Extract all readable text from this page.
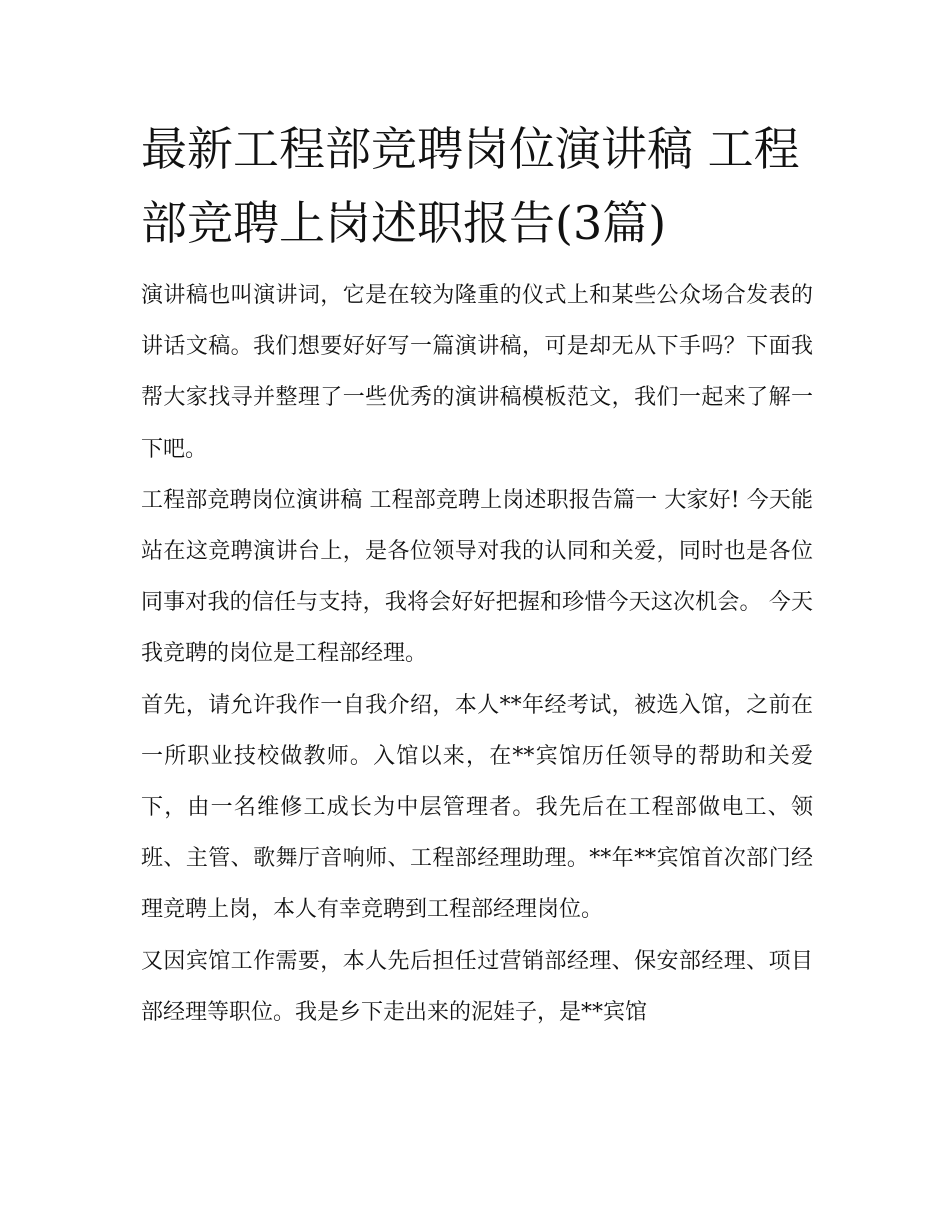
最新工程部竞聘岗位演讲稿 工程部竞聘上岗述职报告(3篇)

演讲稿也叫演讲词，它是在较为隆重的仪式上和某些公众场合发表的讲话文稿。我们想要好好写一篇演讲稿，可是却无从下手吗？下面我帮大家找寻并整理了一些优秀的演讲稿模板范文，我们一起来了解一下吧。

工程部竞聘岗位演讲稿 工程部竞聘上岗述职报告篇一 大家好! 今天能站在这竞聘演讲台上，是各位领导对我的认同和关爱，同时也是各位同事对我的信任与支持，我将会好好把握和珍惜今天这次机会。 今天我竞聘的岗位是工程部经理。

首先，请允许我作一自我介绍，本人**年经考试，被选入馆，之前在一所职业技校做教师。入馆以来，在**宾馆历任领导的帮助和关爱下，由一名维修工成长为中层管理者。我先后在工程部做电工、领班、主管、歌舞厅音响师、工程部经理助理。**年**宾馆首次部门经理竞聘上岗，本人有幸竞聘到工程部经理岗位。

又因宾馆工作需要，本人先后担任过营销部经理、保安部经理、项目部经理等职位。我是乡下走出来的泥娃子，是**宾馆
